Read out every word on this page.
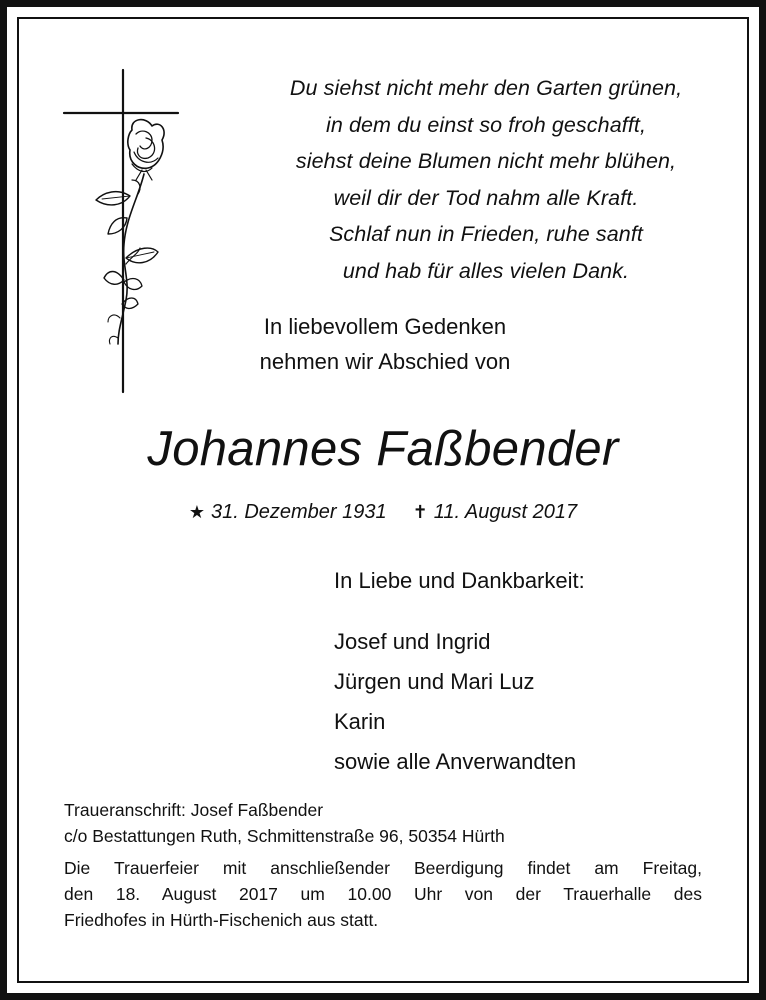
Du siehst nicht mehr den Garten grünen,
in dem du einst so froh geschafft,
siehst deine Blumen nicht mehr blühen,
weil dir der Tod nahm alle Kraft.
Schlaf nun in Frieden, ruhe sanft
und hab für alles vielen Dank.
In liebevollem Gedenken
nehmen wir Abschied von
Johannes Faßbender
★ 31. Dezember 1931 ✝ 11. August 2017
In Liebe und Dankbarkeit:
Josef und Ingrid
Jürgen und Mari Luz
Karin
sowie alle Anverwandten
Traueranschrift: Josef Faßbender
c/o Bestattungen Ruth, Schmittenstraße 96, 50354 Hürth
Die Trauerfeier mit anschließender Beerdigung findet am Freitag,
den 18. August 2017 um 10.00 Uhr von der Trauerhalle des
Friedhofes in Hürth-Fischenich aus statt.
